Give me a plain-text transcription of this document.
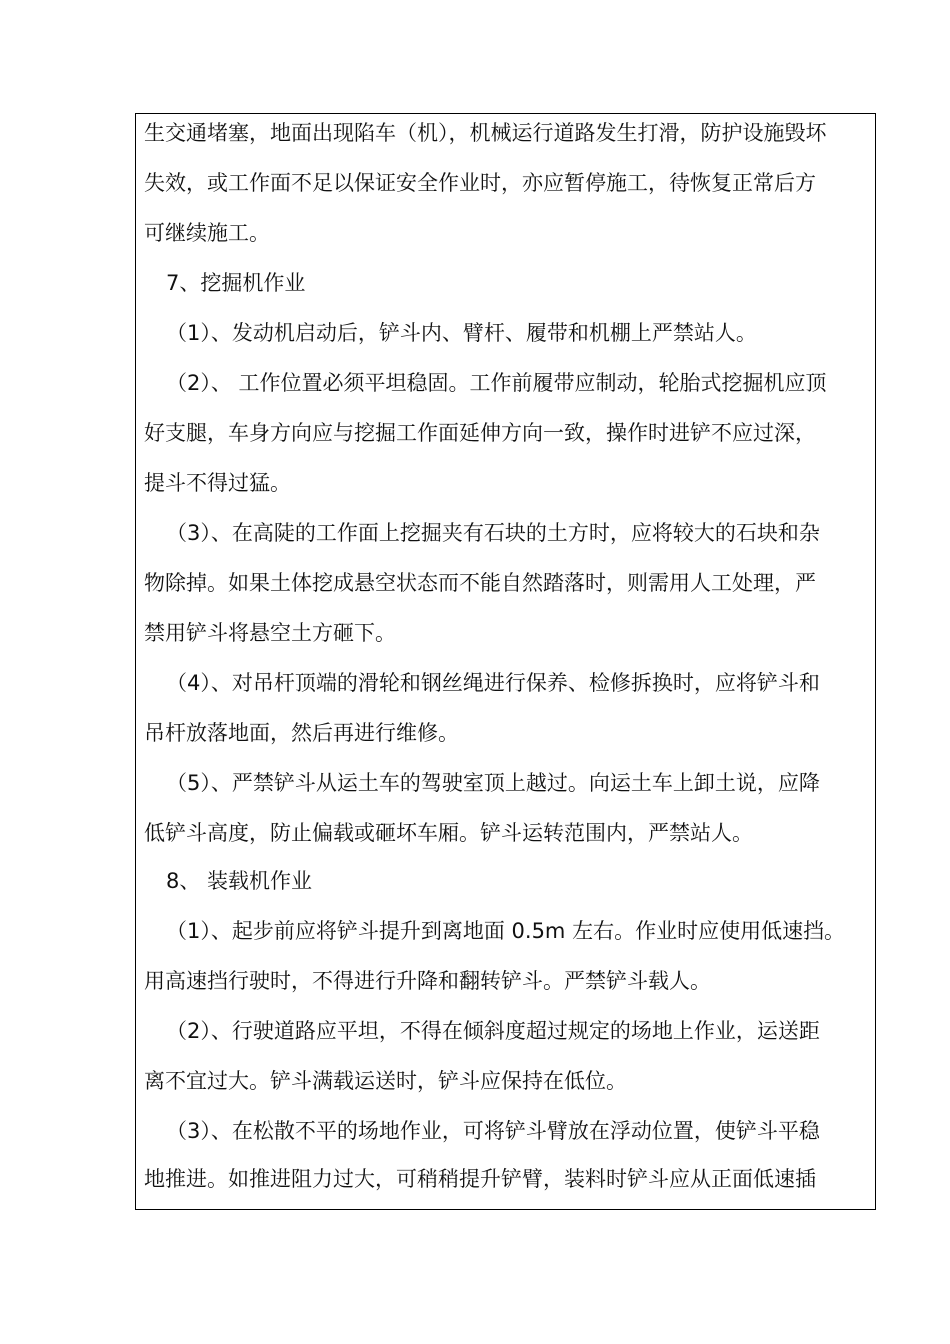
生交通堵塞，地面出现陷车（机），机械运行道路发生打滑，防护设施毁坏
失效，或工作面不足以保证安全作业时，亦应暂停施工，待恢复正常后方
可继续施工。
7、挖掘机作业
（1）、发动机启动后，铲斗内、臂杆、履带和机棚上严禁站人。
（2）、 工作位置必须平坦稳固。工作前履带应制动，轮胎式挖掘机应顶
好支腿，车身方向应与挖掘工作面延伸方向一致，操作时进铲不应过深，
提斗不得过猛。
（3）、在高陡的工作面上挖掘夹有石块的土方时，应将较大的石块和杂
物除掉。如果土体挖成悬空状态而不能自然踏落时，则需用人工处理，严
禁用铲斗将悬空土方砸下。
（4）、对吊杆顶端的滑轮和钢丝绳进行保养、检修拆换时，应将铲斗和
吊杆放落地面，然后再进行维修。
（5）、严禁铲斗从运土车的驾驶室顶上越过。向运土车上卸土说，应降
低铲斗高度，防止偏载或砸坏车厢。铲斗运转范围内，严禁站人。
8、 装载机作业
（1）、起步前应将铲斗提升到离地面 0.5m 左右。作业时应使用低速挡。
用高速挡行驶时，不得进行升降和翻转铲斗。严禁铲斗载人。
（2）、行驶道路应平坦，不得在倾斜度超过规定的场地上作业，运送距
离不宜过大。铲斗满载运送时，铲斗应保持在低位。
（3）、在松散不平的场地作业，可将铲斗臂放在浮动位置，使铲斗平稳
地推进。如推进阻力过大，可稍稍提升铲臂，装料时铲斗应从正面低速插
